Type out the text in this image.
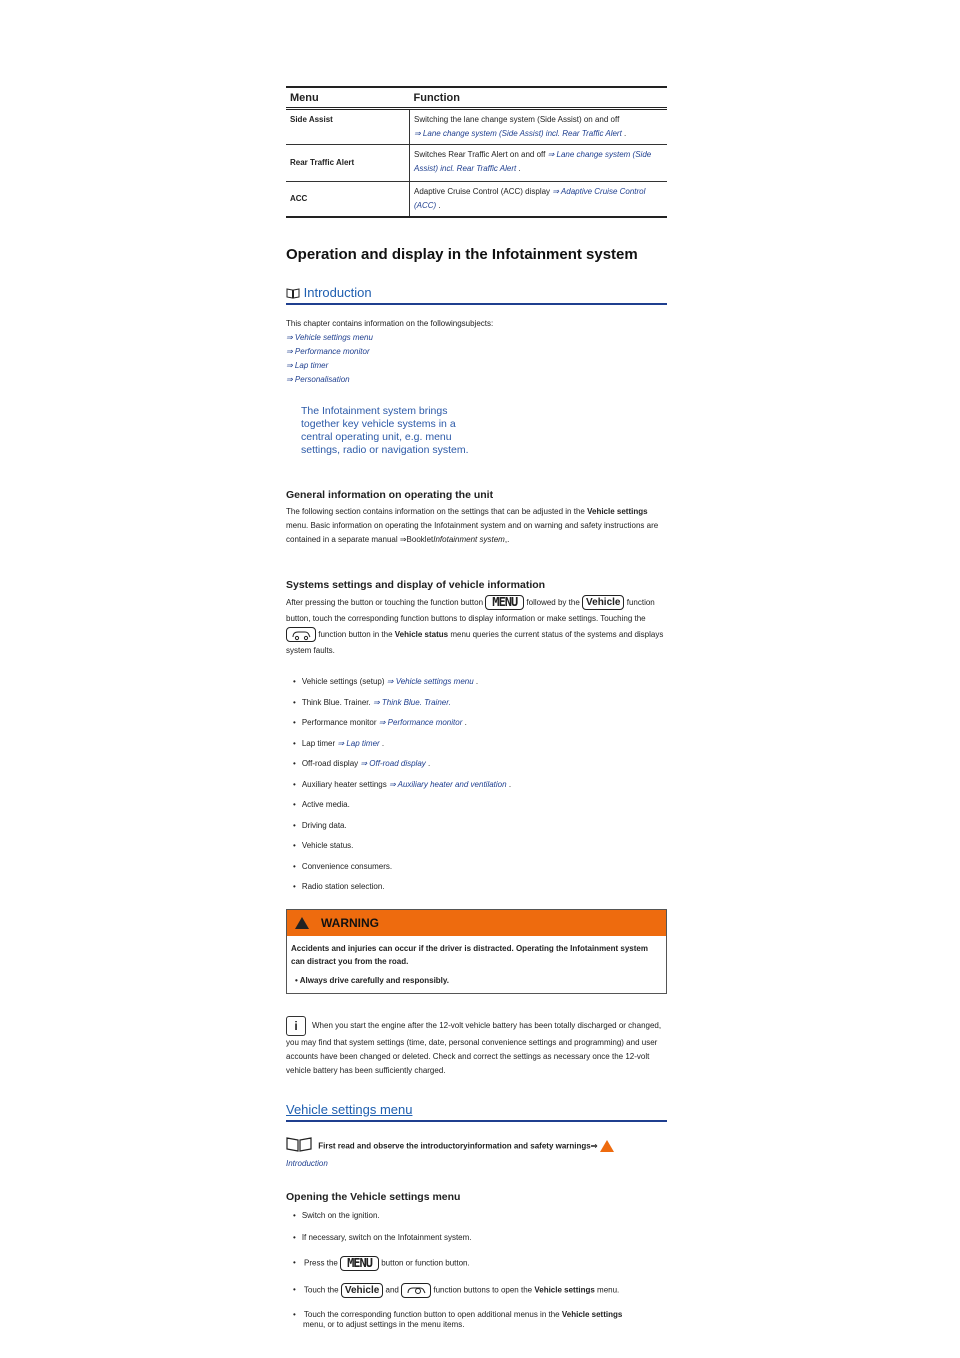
Menu	Function
Side Assist	Switching the lane change system (Side Assist) on and off
⇒ Lane change system (Side Assist) incl. Rear Traffic Alert .
Rear Traffic Alert	Switches Rear Traffic Alert on and off ⇒ Lane change system (Side Assist) incl. Rear Traffic Alert .
ACC	Adaptive Cruise Control (ACC) display ⇒ Adaptive Cruise Control (ACC) .
Operation and display in the Infotainment system
Introduction
This chapter contains information on the followingsubjects:
⇒ Vehicle settings menu
⇒ Performance monitor
⇒ Lap timer
⇒ Personalisation
The Infotainment system brings together key vehicle systems in a central operating unit, e.g. menu settings, radio or navigation system.
General information on operating the unit

The following section contains information on the settings that can be adjusted in the Vehicle settings menu. Basic information on operating the Infotainment system and on warning and safety instructions are contained in a separate manual ⇒BookletInfotainment system,.

Systems settings and display of vehicle information

After pressing the button or touching the function button MENU followed by the Vehicle function button, touch the corresponding function buttons to display information or make settings. Touching the  function button in the Vehicle status menu queries the current status of the systems and displays system faults.

• Vehicle settings (setup) ⇒ Vehicle settings menu .
• Think Blue. Trainer. ⇒ Think Blue. Trainer.
• Performance monitor ⇒ Performance monitor .
• Lap timer ⇒ Lap timer .
• Off-road display ⇒ Off-road display .
• Auxiliary heater settings ⇒ Auxiliary heater and ventilation .
• Active media.
• Driving data.
• Vehicle status.
• Convenience consumers.
• Radio station selection.
WARNING
Accidents and injuries can occur if the driver is distracted. Operating the Infotainment system can distract you from the road.
• Always drive carefully and responsibly.
i When you start the engine after the 12-volt vehicle battery has been totally discharged or changed, you may find that system settings (time, date, personal convenience settings and programming) and user accounts have been changed or deleted. Check and correct the settings as necessary once the 12-volt vehicle battery has been sufficiently charged.
Vehicle settings menu
First read and observe the introductoryinformation and safety warnings⇒
Introduction
Opening the Vehicle settings menu
• Switch on the ignition.
• If necessary, switch on the Infotainment system.
• Press the MENU button or function button.
• Touch the Vehicle and	function buttons to open the Vehicle settings menu.
• Touch the corresponding function button to open additional menus in the Vehicle settings
menu, or to adjust settings in the menu items.
